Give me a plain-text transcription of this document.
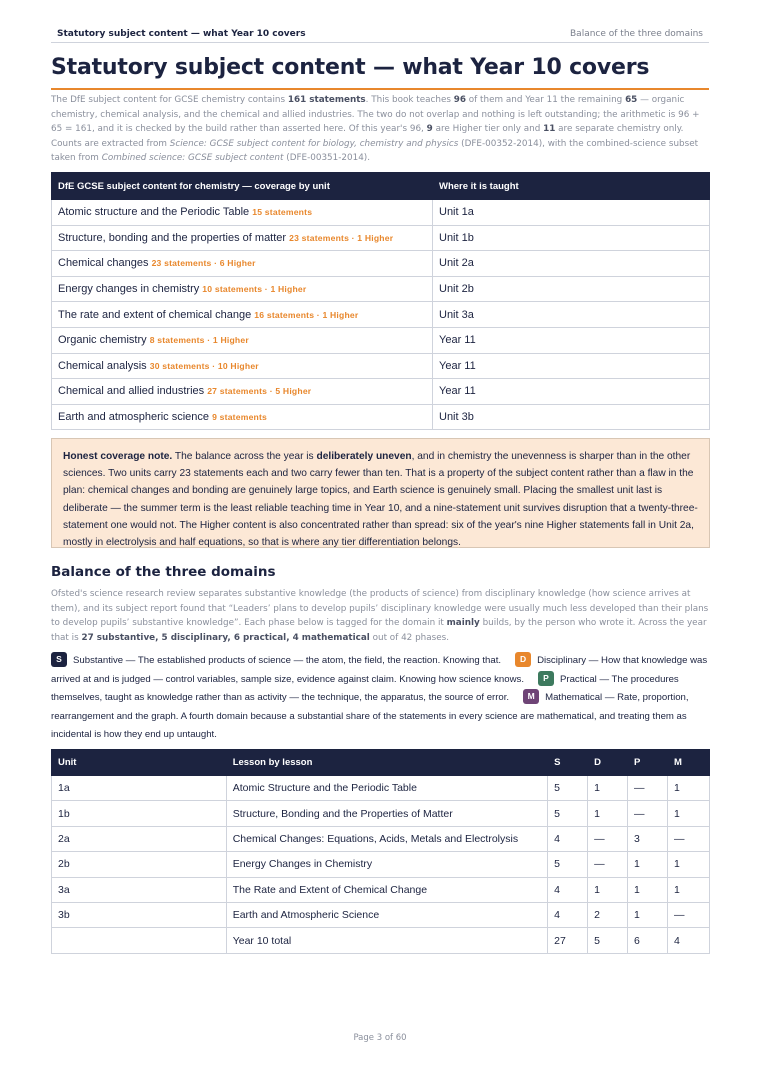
Statutory subject content — what Year 10 covers	Balance of the three domains
Statutory subject content — what Year 10 covers

The DfE subject content for GCSE chemistry contains 161 statements. This book teaches 96 of them and Year 11 the remaining 65 — organic chemistry, chemical analysis, and the chemical and allied industries. The two do not overlap and nothing is left outstanding; the arithmetic is 96 + 65 = 161, and it is checked by the build rather than asserted here. Of this year's 96, 9 are Higher tier only and 11 are separate chemistry only. Counts are extracted from Science: GCSE subject content for biology, chemistry and physics (DFE-00352-2014), with the combined-science subset taken from Combined science: GCSE subject content (DFE-00351-2014).

DfE GCSE subject content for chemistry — coverage by unit	Where it is taught
Atomic structure and the Periodic Table 15 statements	Unit 1a
Structure, bonding and the properties of matter 23 statements · 1 Higher	Unit 1b
Chemical changes 23 statements · 6 Higher	Unit 2a
Energy changes in chemistry 10 statements · 1 Higher	Unit 2b
The rate and extent of chemical change 16 statements · 1 Higher	Unit 3a
Organic chemistry 8 statements · 1 Higher	Year 11
Chemical analysis 30 statements · 10 Higher	Year 11
Chemical and allied industries 27 statements · 5 Higher	Year 11
Earth and atmospheric science 9 statements	Unit 3b
Honest coverage note. The balance across the year is deliberately uneven, and in chemistry the unevenness is sharper than in the other sciences. Two units carry 23 statements each and two carry fewer than ten. That is a property of the subject content rather than a flaw in the plan: chemical changes and bonding are genuinely large topics, and Earth science is genuinely small. Placing the smallest unit last is deliberate — the summer term is the least reliable teaching time in Year 10, and a nine-statement unit survives disruption that a twenty-three-statement one would not. The Higher content is also concentrated rather than spread: six of the year's nine Higher statements fall in Unit 2a, mostly in electrolysis and half equations, so that is where any tier differentiation belongs.
Balance of the three domains

Ofsted's science research review separates substantive knowledge (the products of science) from disciplinary knowledge (how science arrives at them), and its subject report found that “Leaders’ plans to develop pupils’ disciplinary knowledge were usually much less developed than their plans to develop pupils’ substantive knowledge”. Each phase below is tagged for the domain it mainly builds, by the person who wrote it. Across the year that is 27 substantive, 5 disciplinary, 6 practical, 4 mathematical out of 42 phases.

S Substantive — The established products of science — the atom, the field, the reaction. Knowing that. D Disciplinary — How that knowledge was arrived at and is judged — control variables, sample size, evidence against claim. Knowing how science knows. P Practical — The procedures themselves, taught as knowledge rather than as activity — the technique, the apparatus, the source of error. M Mathematical — Rate, proportion, rearrangement and the graph. A fourth domain because a substantial share of the statements in every science are mathematical, and treating them as incidental is how they end up untaught.
Unit	Lesson by lesson	S	D	P	M
1a	Atomic Structure and the Periodic Table	5	1	—	1
1b	Structure, Bonding and the Properties of Matter	5	1	—	1
2a	Chemical Changes: Equations, Acids, Metals and Electrolysis	4	—	3	—
2b	Energy Changes in Chemistry	5	—	1	1
3a	The Rate and Extent of Chemical Change	4	1	1	1
3b	Earth and Atmospheric Science	4	2	1	—
	Year 10 total	27	5	6	4
Page 3 of 60
